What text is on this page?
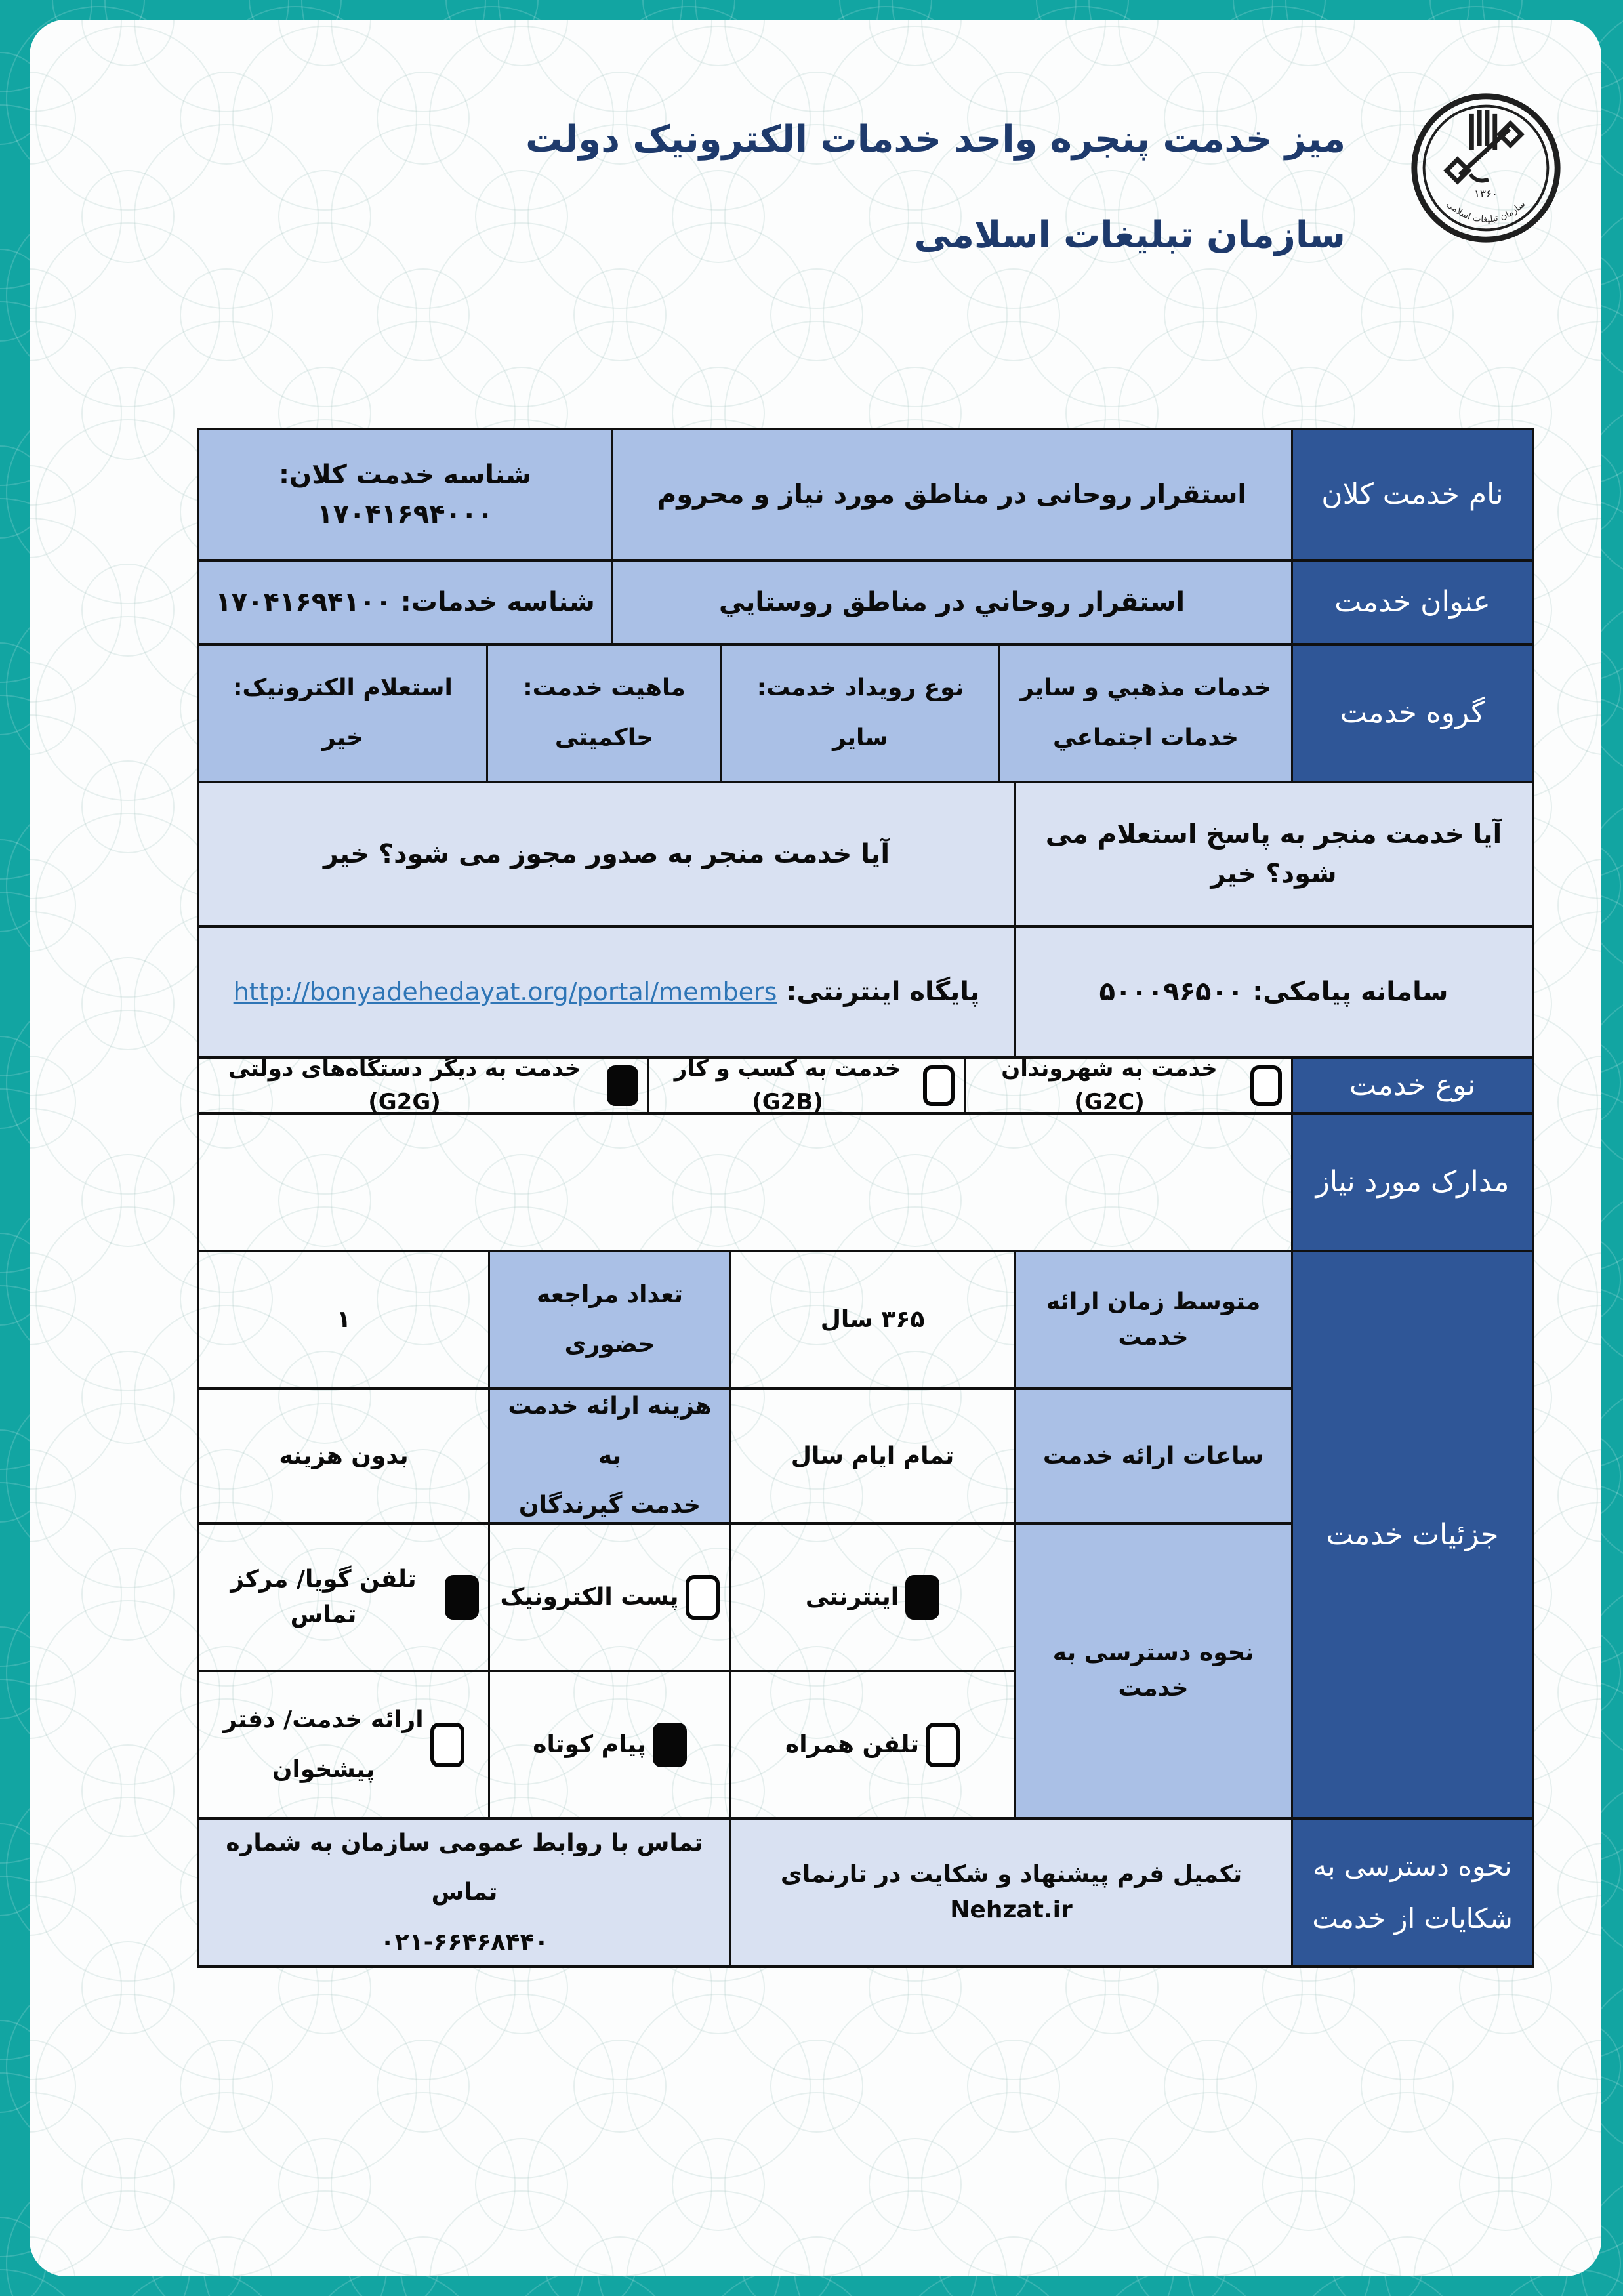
میز خدمت پنجره واحد خدمات الکترونیک دولت
سازمان تبلیغات اسلامی
۱۳۶۰
سازمان تبلیغات اسلامی
نام خدمت کلان
استقرار روحانی در مناطق مورد نیاز و محروم
شناسه خدمت کلان: ۱۷۰۴۱۶۹۴۰۰۰
عنوان خدمت
استقرار روحاني در مناطق روستايي
شناسه خدمات: ۱۷۰۴۱۶۹۴۱۰۰
گروه خدمت
خدمات مذهبي و ساير
خدمات اجتماعي
نوع رویداد خدمت:
سایر
ماهیت خدمت:
حاکمیتی
استعلام الکترونیک:
خیر
آیا خدمت منجر به پاسخ استعلام می شود؟ خیر
آیا خدمت منجر به صدور مجوز می شود؟ خیر
سامانه پیامکی: ۵۰۰۰۹۶۵۰۰
پایگاه اینترنتی: http://bonyadehedayat.org/portal/members
نوع خدمت
خدمت به شهروندان (G2C)
خدمت به کسب و کار (G2B)
خدمت به دیگر دستگاه‌های دولتی (G2G)
مدارک مورد نیاز
جزئیات خدمت
متوسط زمان ارائه خدمت
۳۶۵ سال
تعداد مراجعه
حضوری
۱
ساعات ارائه خدمت
تمام ایام سال
هزینه ارائه خدمت به
خدمت گیرندگان
بدون هزینه
نحوه دسترسی به خدمت
اینترنتی
پست الکترونیک
تلفن گویا/ مرکز تماس
تلفن همراه
پیام کوتاه
ارائه خدمت/ دفتر
پیشخوان
نحوه دسترسی به
شکایات از خدمت
تکمیل فرم پیشنهاد و شکایت در تارنمای Nehzat.ir
تماس با روابط عمومی سازمان به شماره تماس
۰۲۱-۶۶۴۶۸۴۴۰
